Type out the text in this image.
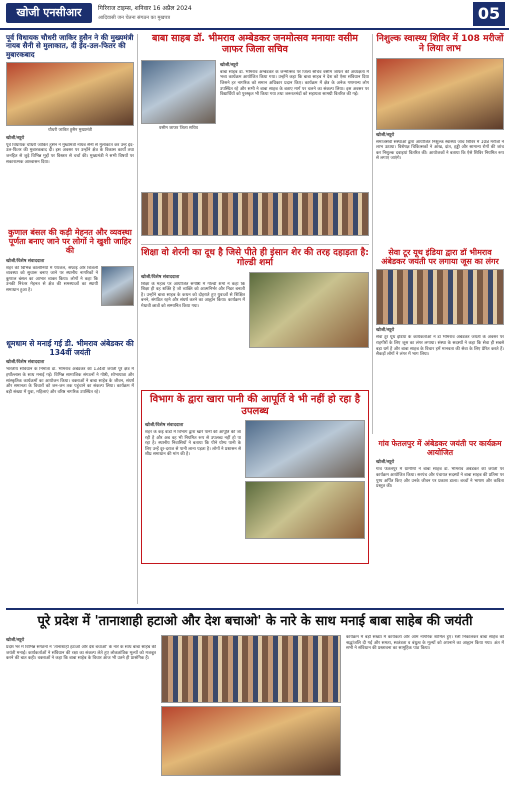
खोजी एनसीआर	गिरिराज टाइम्स, शनिवार 16 अप्रैल 2024
आदिवासी जन चेतना संगठन का मुखपत्र	05
पूर्व विधायक चौधरी जाकिर हुसैन ने की मुख्यमंत्री नायब सैनी से मुलाकात, दी ईद-उल-फितर की मुबारकबाद
चौधरी जाकिर हुसैन मुख्यमंत्री
खोजी/ब्यूरो
पूर्व विधायक चौधरी जाकिर हुसैन ने मुख्यमंत्री नायब सैनी से मुलाकात कर उन्हें ईद-उल-फितर की मुबारकबाद दी। इस अवसर पर उन्होंने क्षेत्र के विकास कार्यों तथा जनहित से जुड़े विभिन्न मुद्दों पर विस्तार से चर्चा की। मुख्यमंत्री ने सभी विषयों पर सकारात्मक आश्वासन दिया।
कुणाल बंसल की कड़ी मेहनत और व्यवस्था पूर्णता बनाए जाने पर लोगों ने खुशी जाहिर की
खोजी/विशेष संवाददाता
शहर की विभिन्न कॉलोनियों में पेयजल, सफाई और बिजली व्यवस्था को सुचारू बनाए जाने पर स्थानीय नागरिकों ने कुणाल बंसल का आभार व्यक्त किया। लोगों ने कहा कि उनकी निरंतर मेहनत से क्षेत्र की समस्याओं का स्थायी समाधान हुआ है।
धूमधाम से मनाई गई डी. भीमराव अंबेडकर की 134वीं जयंती
खोजी/विशेष संवाददाता
भारतीय संविधान के निर्माता डॉ. भीमराव अंबेडकर की 134वीं जयंती पूरे क्षेत्र में हर्षोल्लास के साथ मनाई गई। विभिन्न सामाजिक संगठनों ने गोष्ठी, शोभायात्रा और सांस्कृतिक कार्यक्रमों का आयोजन किया। वक्ताओं ने बाबा साहेब के जीवन, संघर्ष और समानता के विचारों को जन-जन तक पहुंचाने का संकल्प लिया। कार्यक्रम में बड़ी संख्या में युवा, महिलाएं और वरिष्ठ नागरिक उपस्थित रहे।
बाबा साहब डॉ. भीमराव अम्बेडकर जनमोत्सव मनायाः वसीम जाफर जिला सचिव
वसीम जाफर जिला सचिव
खोजी/ब्यूरो
बाबा साहब डॉ. भीमराव अम्बेडकर के जन्मोत्सव पर जिला सचिव वसीम जाफर की अध्यक्षता में भव्य कार्यक्रम आयोजित किया गया। उन्होंने कहा कि बाबा साहब ने देश को ऐसा संविधान दिया जिसने हर नागरिक को समान अधिकार प्रदान किए। कार्यक्रम में क्षेत्र के अनेक गणमान्य लोग उपस्थित रहे और सभी ने बाबा साहब के बताए मार्ग पर चलने का संकल्प लिया। इस अवसर पर विद्यार्थियों को पुरस्कृत भी किया गया तथा जरूरतमंदों को सहायता सामग्री वितरित की गई।
शिक्षा वो शेरनी का दूध है जिसे पीते ही इंसान शेर की तरह दहाड़ता है: गोल्डी शर्मा
खोजी/विशेष संवाददाता
शिक्षा के महत्व पर आयोजित संगोष्ठी में गोल्डी शर्मा ने कहा कि शिक्षा ही वह शक्ति है जो व्यक्ति को आत्मनिर्भर और निडर बनाती है। उन्होंने बाबा साहब के कथन को दोहराते हुए युवाओं से शिक्षित बनने, संगठित रहने और संघर्ष करने का आह्वान किया। कार्यक्रम में मेधावी छात्रों को सम्मानित किया गया।
निशुल्क स्वास्थ्य शिविर में 108 मरीजों ने लिया लाभ
खोजी/ब्यूरो
समाजसेवी संस्थाओं द्वारा आयोजित निशुल्क स्वास्थ्य जांच शिविर में 108 मरीजों ने लाभ उठाया। विशेषज्ञ चिकित्सकों ने आंख, दांत, हड्डी और सामान्य रोगों की जांच कर निशुल्क दवाइयां वितरित कीं। आयोजकों ने बताया कि ऐसे शिविर नियमित रूप से लगाए जाएंगे।
सेवा टूर यूथ इंडिया द्वारा डॉ भीमराव अंबेडकर जयंती पर लगाया जूस का लंगर
खोजी/ब्यूरो
सेवा टूर यूथ इंडिया के कार्यकर्ताओं ने डॉ भीमराव अंबेडकर जयंती के अवसर पर राहगीरों के लिए जूस का लंगर लगाया। संस्था के सदस्यों ने कहा कि सेवा ही सबसे बड़ा धर्म है और बाबा साहब के विचार हमें मानवता की सेवा के लिए प्रेरित करते हैं। सैकड़ों लोगों ने लंगर में भाग लिया।
गांव फेतलपुर में अंबेडकर जयंती पर कार्यक्रम आयोजित
खोजी/ब्यूरो
गांव फेतलपुर में ग्रामीणों ने बाबा साहब डॉ. भीमराव अंबेडकर की जयंती पर कार्यक्रम आयोजित किया। सरपंच और पंचायत सदस्यों ने बाबा साहब की प्रतिमा पर पुष्प अर्पित किए और उनके जीवन पर प्रकाश डाला। बच्चों ने भाषण और कविता प्रस्तुत की।
विभाग के द्वारा खारा पानी की आपूर्ति वे भी नहीं हो रहा है उपलब्ध
खोजी/विशेष संवाददाता
शहर के कई वार्डों में विभाग द्वारा खारे पानी की आपूर्ति की जा रही है और अब वह भी नियमित रूप से उपलब्ध नहीं हो पा रहा है। स्थानीय निवासियों ने बताया कि पीने योग्य पानी के लिए उन्हें दूर-दराज से पानी लाना पड़ता है। लोगों ने प्रशासन से शीघ्र समाधान की मांग की है।
पूरे प्रदेश में 'तानाशाही हटाओ और देश बचाओ' के नारे के साथ मनाई बाबा साहेब की जयंती
खोजी/ब्यूरो
प्रदेश भर में विभिन्न संगठनों ने 'तानाशाही हटाओ और देश बचाओ' के नारे के साथ बाबा साहेब की जयंती मनाई। कार्यकर्ताओं ने संविधान की रक्षा का संकल्प लेते हुए लोकतांत्रिक मूल्यों को मजबूत करने की बात कही। वक्ताओं ने कहा कि बाबा साहेब के विचार आज भी उतने ही प्रासंगिक हैं।
कार्यक्रम में बड़ी संख्या में कार्यकर्ता और आम नागरिक शामिल हुए। रैली निकालकर बाबा साहेब को श्रद्धांजलि दी गई और समता, स्वतंत्रता व बंधुत्व के मूल्यों को अपनाने का आह्वान किया गया। अंत में सभी ने संविधान की प्रस्तावना का सामूहिक पाठ किया।
